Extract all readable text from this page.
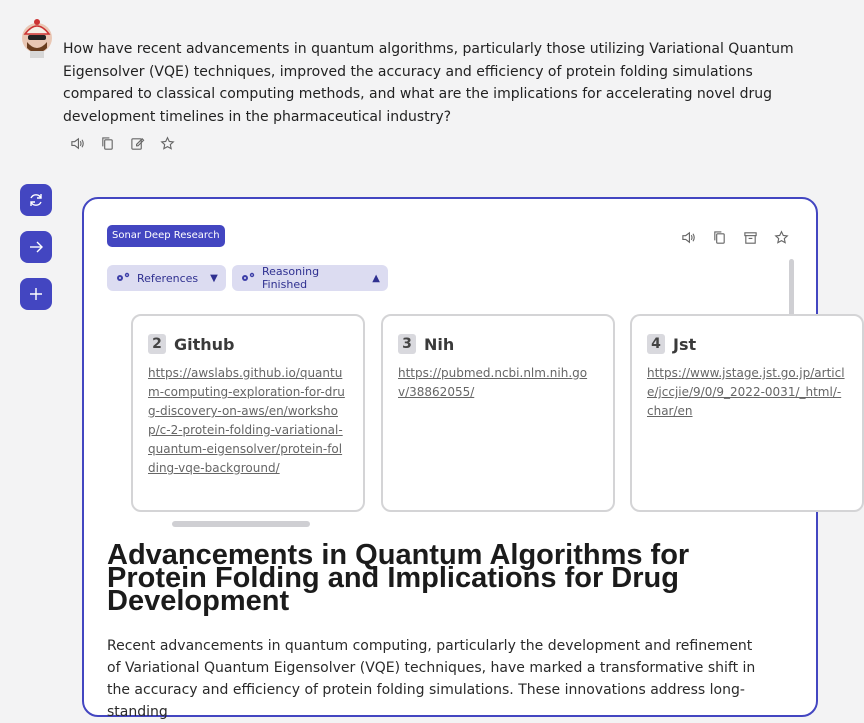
How have recent advancements in quantum algorithms, particularly those utilizing Variational Quantum Eigensolver (VQE) techniques, improved the accuracy and efficiency of protein folding simulations compared to classical computing methods, and what are the implications for accelerating novel drug development timelines in the pharmaceutical industry?
Sonar Deep Research
References ▼	Reasoning Finished	▲
2 Github
https://awslabs.github.io/quantum-computing-exploration-for-drug-discovery-on-aws/en/workshop/c-2-protein-folding-variational-quantum-eigensolver/protein-folding-vqe-background/
3 Nih
https://pubmed.ncbi.nlm.nih.gov/38862055/
4 Jst
https://www.jstage.jst.go.jp/article/jccjie/9/0/9_2022-0031/_html/-char/en
Advancements in Quantum Algorithms for Protein Folding and Implications for Drug Development
Recent advancements in quantum computing, particularly the development and refinement of Variational Quantum Eigensolver (VQE) techniques, have marked a transformative shift in the accuracy and efficiency of protein folding simulations. These innovations address long-standing
